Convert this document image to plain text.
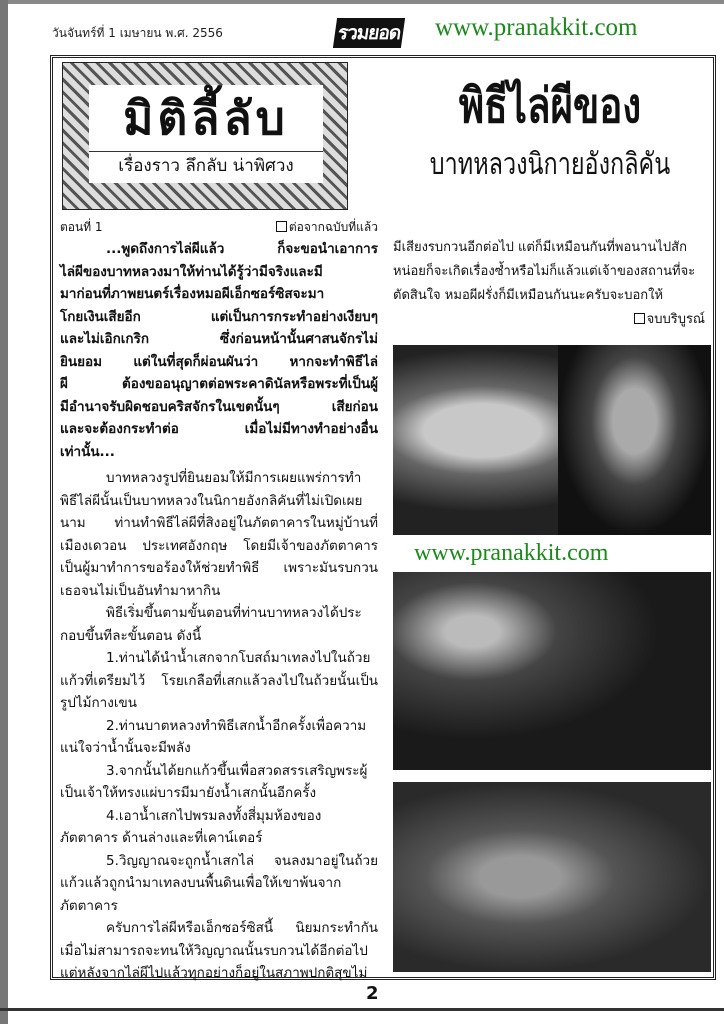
วันจันทร์ที่ 1 เมษายน พ.ศ. 2556	รวมยอด www.pranakkit.com
มิติลี้ลับ
เรื่องราว ลึกลับ น่าพิศวง
พิธีไล่ผีของ
บาทหลวงนิกายอังกลิคัน
ตอนที่ 1	ต่อจากฉบับที่แล้ว
...พูดถึงการไล่ผีแล้ว ก็จะขอนำเอาการ
ไล่ผีของบาทหลวงมาให้ท่านได้รู้ว่ามีจริงและมี
มาก่อนที่ภาพยนตร์เรื่องหมอผีเอ็กซอร์ซิสจะมา
โกยเงินเสียอีก แต่เป็นการกระทำอย่างเงียบๆ
และไม่เอิกเกริก ซึ่งก่อนหน้านั้นศาสนจักรไม่
ยินยอม แต่ในที่สุดก็ผ่อนผันว่า หากจะทำพิธีไล่
ผี ต้องขออนุญาตต่อพระคาดินัลหรือพระที่เป็นผู้
มีอำนาจรับผิดชอบคริสจักรในเขตนั้นๆ เสียก่อน
และจะต้องกระทำต่อ เมื่อไม่มีทางทำอย่างอื่น
เท่านั้น...
บาทหลวงรูปที่ยินยอมให้มีการเผยแพร่การทำ
พิธีไล่ผีนั้นเป็นบาทหลวงในนิกายอังกลิคันที่ไม่เปิดเผย
นาม ท่านทำพิธีไล่ผีที่สิงอยู่ในภัตตาคารในหมู่บ้านที่
เมืองเดวอน ประเทศอังกฤษ โดยมีเจ้าของภัตตาคาร
เป็นผู้มาทำการขอร้องให้ช่วยทำพิธี เพราะมันรบกวน
เธอจนไม่เป็นอันทำมาหากิน
พิธีเริ่มขึ้นตามขั้นตอนที่ท่านบาทหลวงได้ประ
กอบขึ้นทีละขั้นตอน ดังนี้
1.ท่านได้นำน้ำเสกจากโบสถ์มาเทลงไปในถ้วย
แก้วที่เตรียมไว้ โรยเกลือที่เสกแล้วลงไปในถ้วยนั้นเป็น
รูปไม้กางเขน
2.ท่านบาตหลวงทำพิธีเสกน้ำอีกครั้งเพื่อความ
แน่ใจว่าน้ำนั้นจะมีพลัง
3.จากนั้นได้ยกแก้วขึ้นเพื่อสวดสรรเสริญพระผู้
เป็นเจ้าให้ทรงแผ่บารมีมายังน้ำเสกนั้นอีกครั้ง
4.เอาน้ำเสกไปพรมลงทั้งสี่มุมห้องของ
ภัตตาคาร ด้านล่างและที่เคาน์เตอร์
5.วิญญาณจะถูกน้ำเสกไล่ จนลงมาอยู่ในถ้วย
แก้วแล้วถูกนำมาเทลงบนพื้นดินเพื่อให้เขาพ้นจาก
ภัตตาคาร
ครับการไล่ผีหรือเอ็กซอร์ซิสนี้ นิยมกระทำกัน
เมื่อไม่สามารถจะทนให้วิญญาณนั้นรบกวนได้อีกต่อไป
แต่หลังจากไล่ผีไปแล้วทุกอย่างก็อยู่ในสภาพปกติสุขไม่
มีเสียงรบกวนอีกต่อไป แต่ก็มีเหมือนกันที่พอนานไปสัก
หน่อยก็จะเกิดเรื่องซ้ำหรือไม่ก็แล้วแต่เจ้าของสถานที่จะ
ตัดสินใจ หมอผีฝรั่งก็มีเหมือนกันนะครับจะบอกให้
จบบริบูรณ์
www.pranakkit.com
2
